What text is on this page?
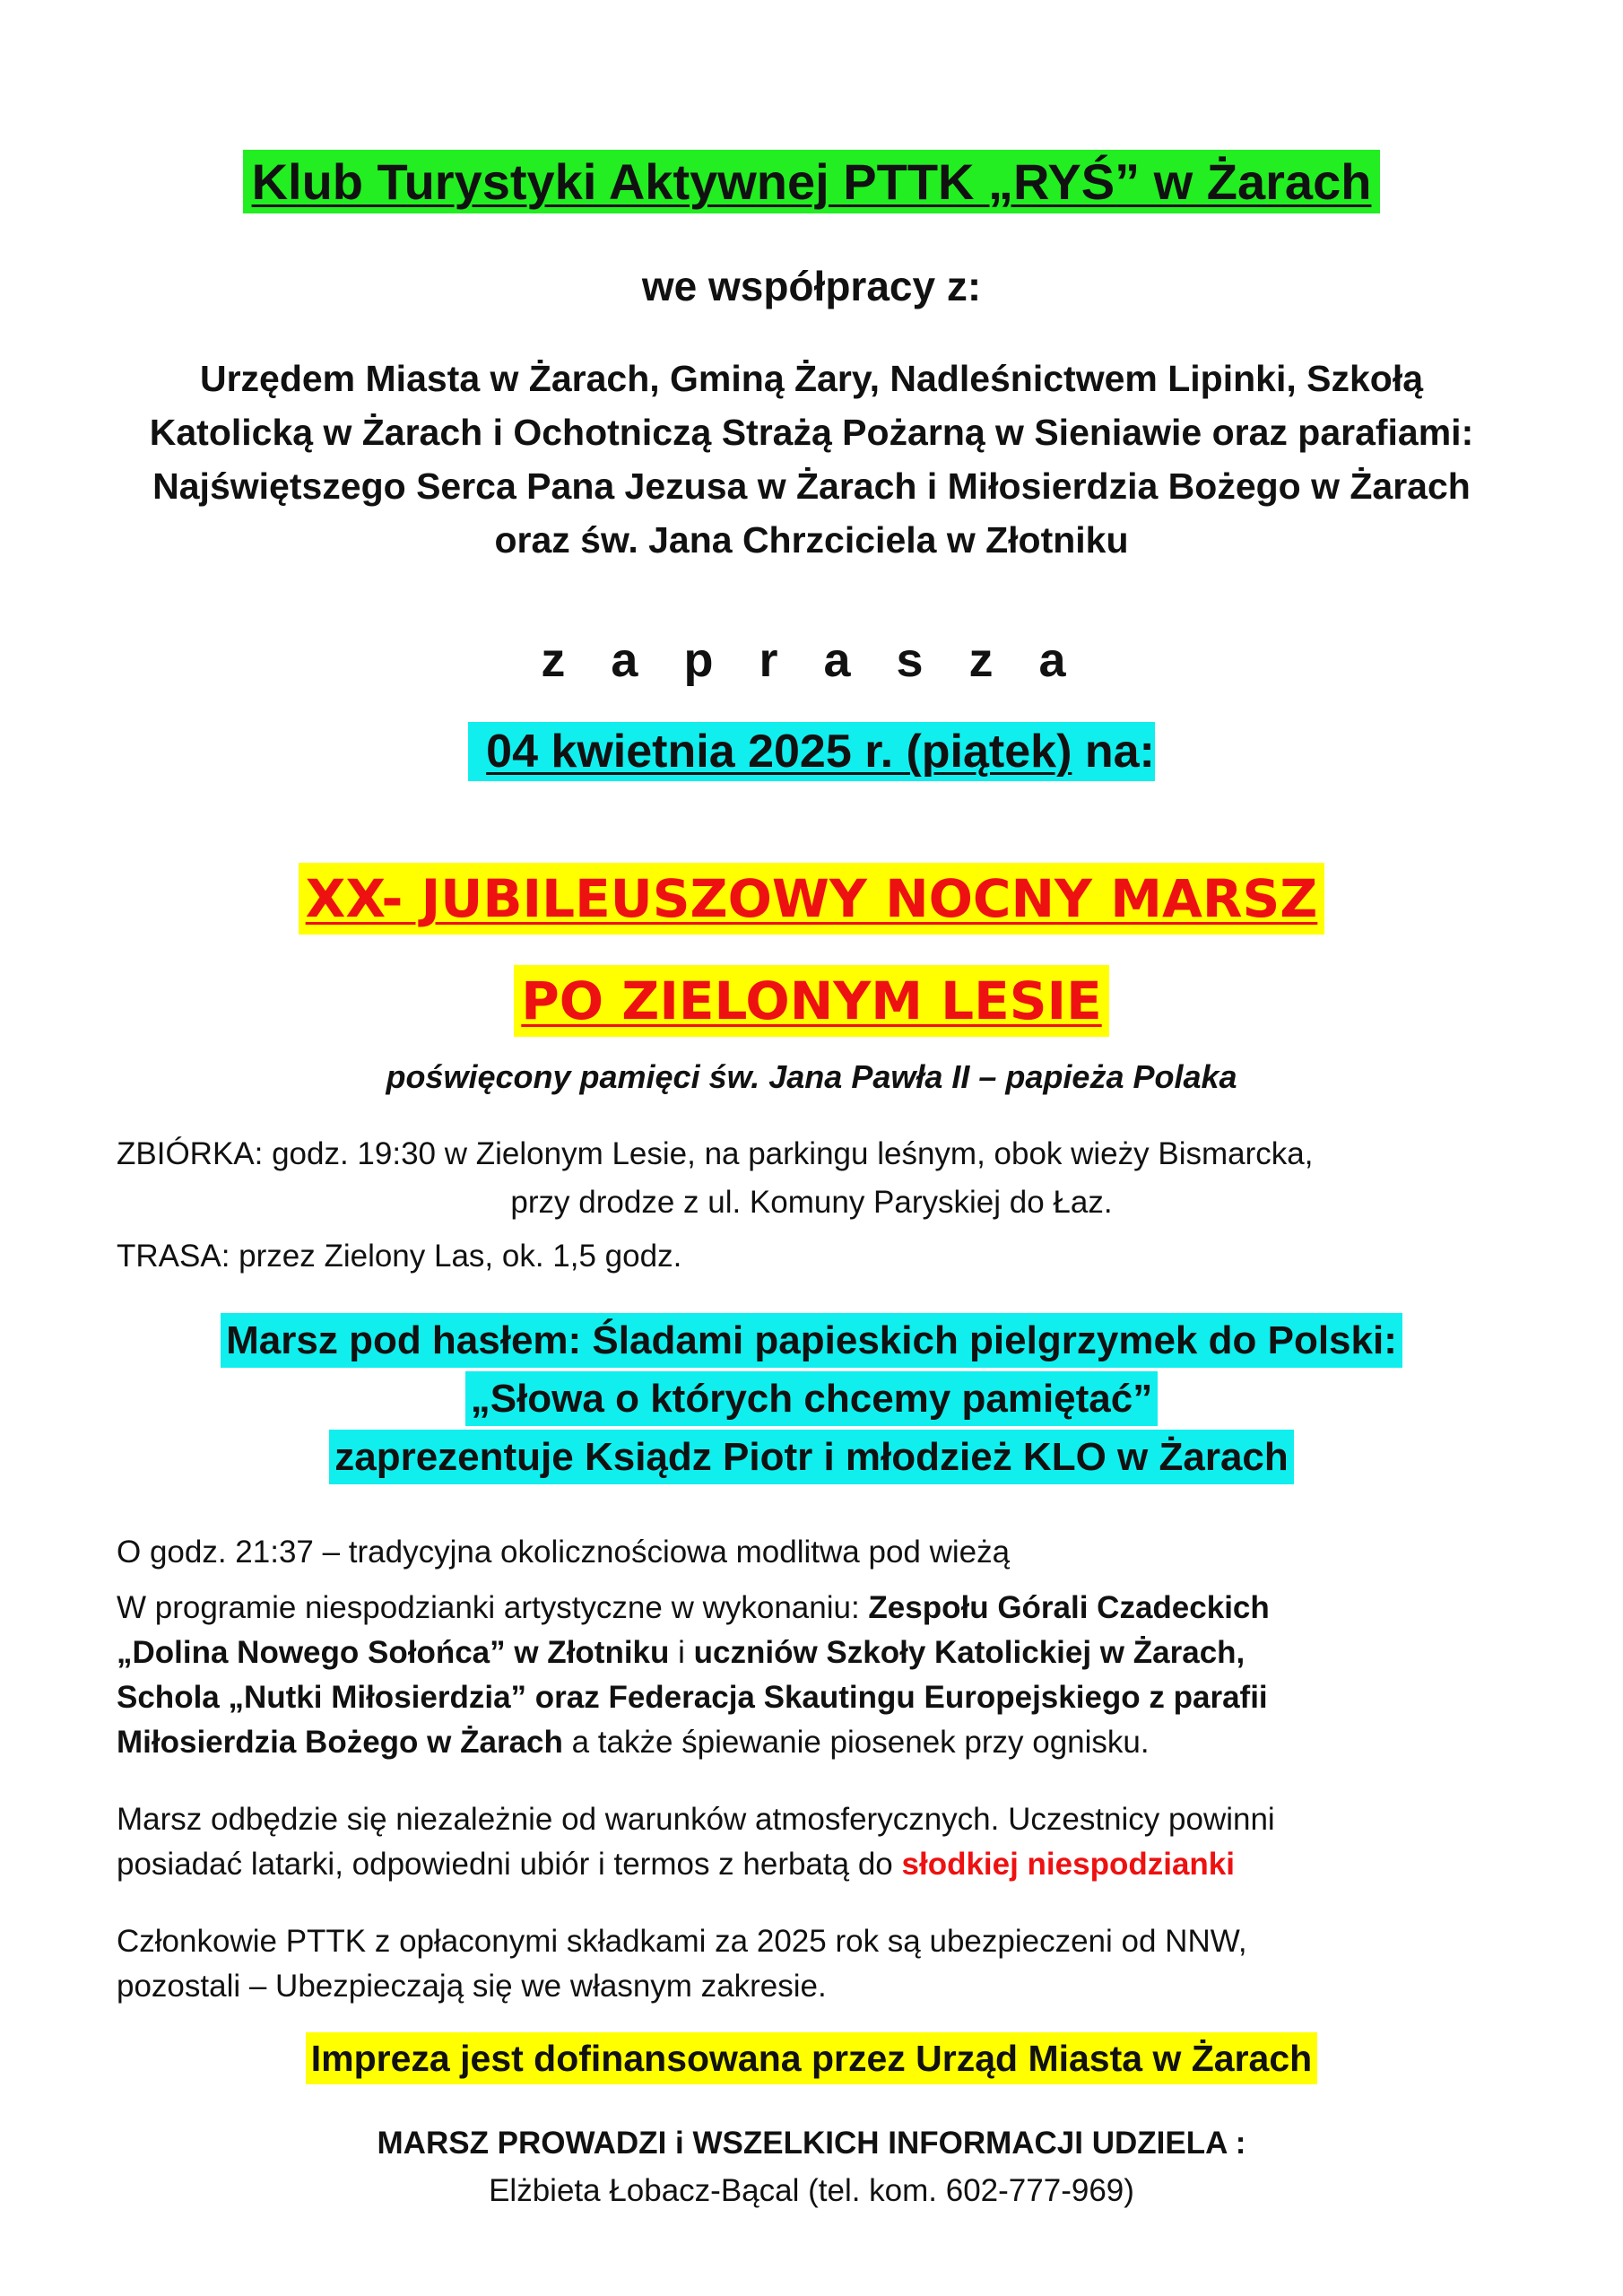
Klub Turystyki Aktywnej PTTK „RYŚ” w Żarach
we współpracy z:
Urzędem Miasta w Żarach, Gminą Żary, Nadleśnictwem Lipinki, Szkołą
Katolicką w Żarach i Ochotniczą Strażą Pożarną w Sieniawie oraz parafiami:
Najświętszego Serca Pana Jezusa w Żarach i Miłosierdzia Bożego w Żarach
oraz św. Jana Chrzciciela w Złotniku
z a p r a s z a
04 kwietnia 2025 r. (piątek) na:
XX- JUBILEUSZOWY NOCNY MARSZ
PO ZIELONYM LESIE
poświęcony pamięci św. Jana Pawła II – papieża Polaka
ZBIÓRKA: godz. 19:30 w Zielonym Lesie, na parkingu leśnym, obok wieży Bismarcka,
przy drodze z ul. Komuny Paryskiej do Łaz.
TRASA: przez Zielony Las, ok. 1,5 godz.
Marsz pod hasłem: Śladami papieskich pielgrzymek do Polski:
„Słowa o których chcemy pamiętać”
zaprezentuje Ksiądz Piotr i młodzież KLO w Żarach
O godz. 21:37 – tradycyjna okolicznościowa modlitwa pod wieżą
W programie niespodzianki artystyczne w wykonaniu: Zespołu Górali Czadeckich
„Dolina Nowego Sołońca” w Złotniku i uczniów Szkoły Katolickiej w Żarach,
Schola „Nutki Miłosierdzia” oraz Federacja Skautingu Europejskiego z parafii
Miłosierdzia Bożego w Żarach a także śpiewanie piosenek przy ognisku.
Marsz odbędzie się niezależnie od warunków atmosferycznych. Uczestnicy powinni
posiadać latarki, odpowiedni ubiór i termos z herbatą do słodkiej niespodzianki
Członkowie PTTK z opłaconymi składkami za 2025 rok są ubezpieczeni od NNW,
pozostali – Ubezpieczają się we własnym zakresie.
Impreza jest dofinansowana przez Urząd Miasta w Żarach
MARSZ PROWADZI i WSZELKICH INFORMACJI UDZIELA :
Elżbieta Łobacz-Bącal (tel. kom. 602-777-969)
